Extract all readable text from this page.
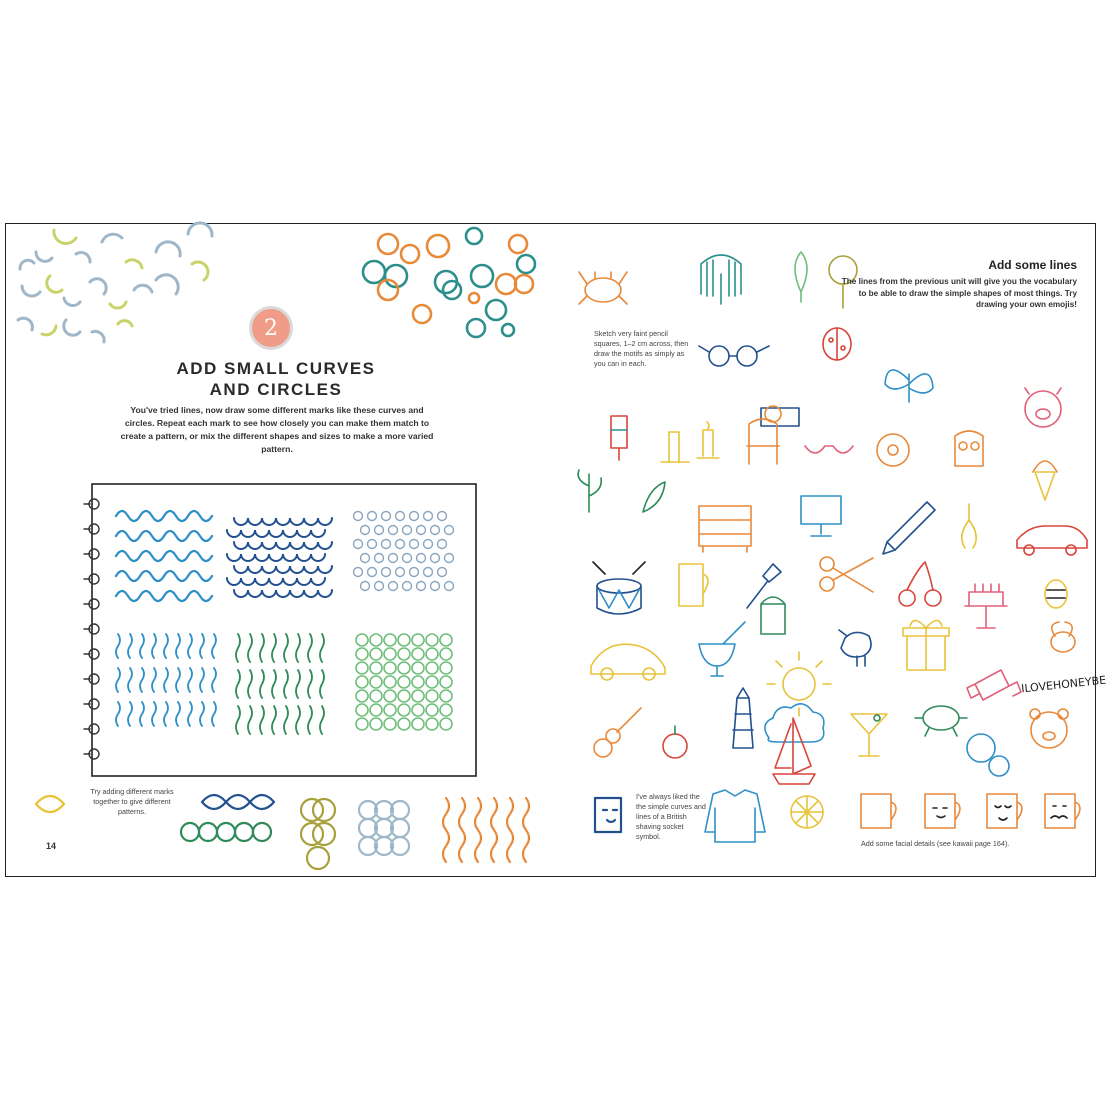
2
ADD SMALL CURVES
AND CIRCLES
You've tried lines, now draw some different marks like these curves and circles. Repeat each mark to see how closely you can make them match to create a pattern, or mix the different shapes and sizes to make a more varied pattern.
Try adding different marks together to give different patterns.
14
Add some lines
The lines from the previous unit will give you the vocabulary to be able to draw the simple shapes of most things. Try drawing your own emojis!
Sketch very faint pencil squares, 1–2 cm across, then draw the motifs as simply as you can in each.
I've always liked the the simple curves and lines of a British shaving socket symbol.
Add some facial details (see kawaii page 164).
ILOVEHONEYBE
